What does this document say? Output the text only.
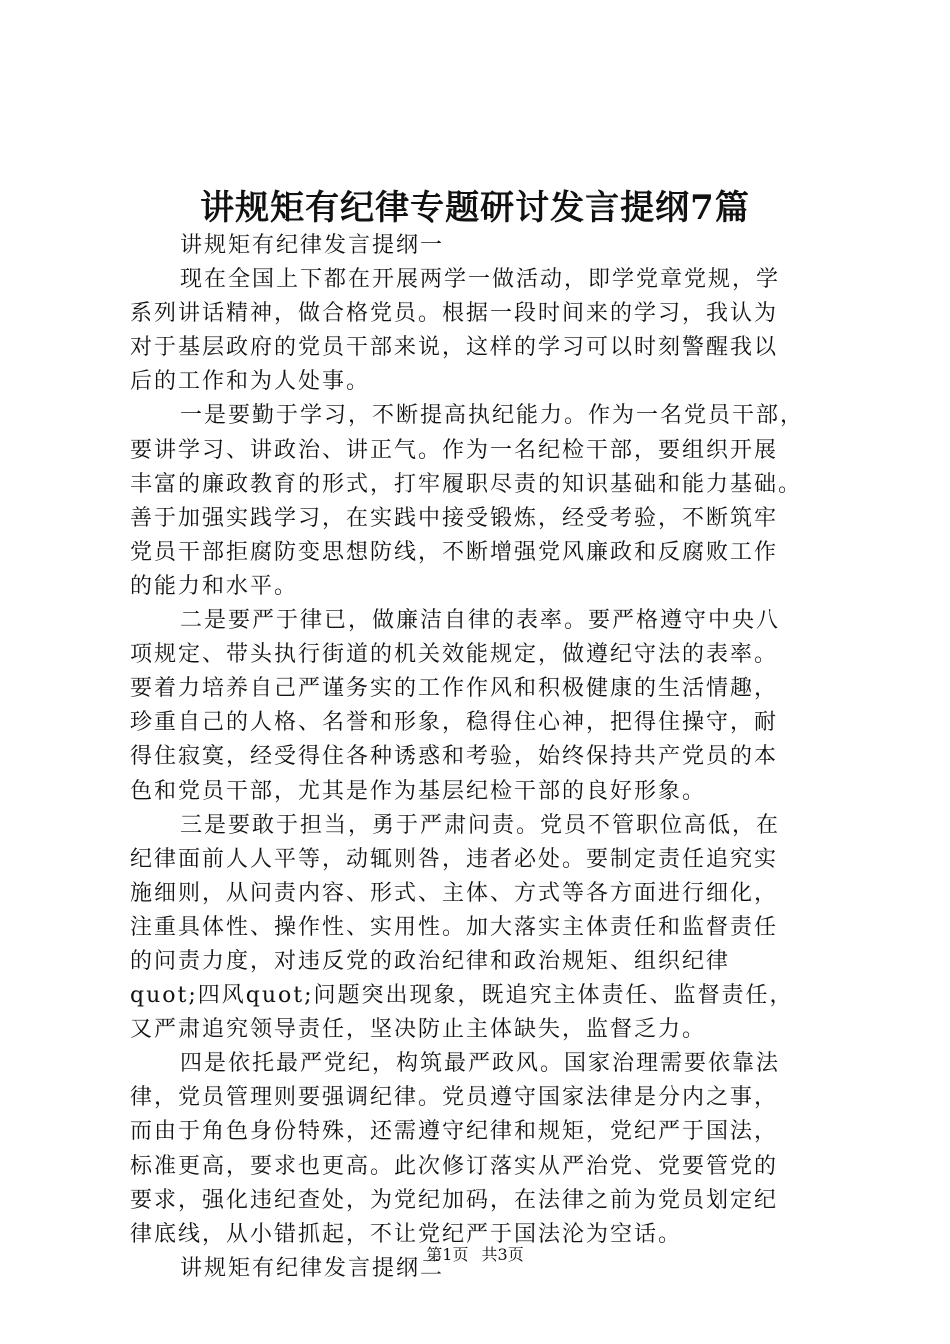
讲规矩有纪律专题研讨发言提纲7篇
讲规矩有纪律发言提纲一
现在全国上下都在开展两学一做活动，即学党章党规，学
系列讲话精神，做合格党员。根据一段时间来的学习，我认为
对于基层政府的党员干部来说，这样的学习可以时刻警醒我以
后的工作和为人处事。
一是要勤于学习，不断提高执纪能力。作为一名党员干部，
要讲学习、讲政治、讲正气。作为一名纪检干部，要组织开展
丰富的廉政教育的形式，打牢履职尽责的知识基础和能力基础。
善于加强实践学习，在实践中接受锻炼，经受考验，不断筑牢
党员干部拒腐防变思想防线，不断增强党风廉政和反腐败工作
的能力和水平。
二是要严于律已，做廉洁自律的表率。要严格遵守中央八
项规定、带头执行街道的机关效能规定，做遵纪守法的表率。
要着力培养自己严谨务实的工作作风和积极健康的生活情趣，
珍重自己的人格、名誉和形象，稳得住心神，把得住操守，耐
得住寂寞，经受得住各种诱惑和考验，始终保持共产党员的本
色和党员干部，尤其是作为基层纪检干部的良好形象。
三是要敢于担当，勇于严肃问责。党员不管职位高低，在
纪律面前人人平等，动辄则咎，违者必处。要制定责任追究实
施细则，从问责内容、形式、主体、方式等各方面进行细化，
注重具体性、操作性、实用性。加大落实主体责任和监督责任
的问责力度，对违反党的政治纪律和政治规矩、组织纪律
quot;四风quot;问题突出现象，既追究主体责任、监督责任，
又严肃追究领导责任，坚决防止主体缺失，监督乏力。
四是依托最严党纪，构筑最严政风。国家治理需要依靠法
律，党员管理则要强调纪律。党员遵守国家法律是分内之事，
而由于角色身份特殊，还需遵守纪律和规矩，党纪严于国法，
标准更高，要求也更高。此次修订落实从严治党、党要管党的
要求，强化违纪查处，为党纪加码，在法律之前为党员划定纪
律底线，从小错抓起，不让党纪严于国法沦为空话。
讲规矩有纪律发言提纲二
第1页 共3页
